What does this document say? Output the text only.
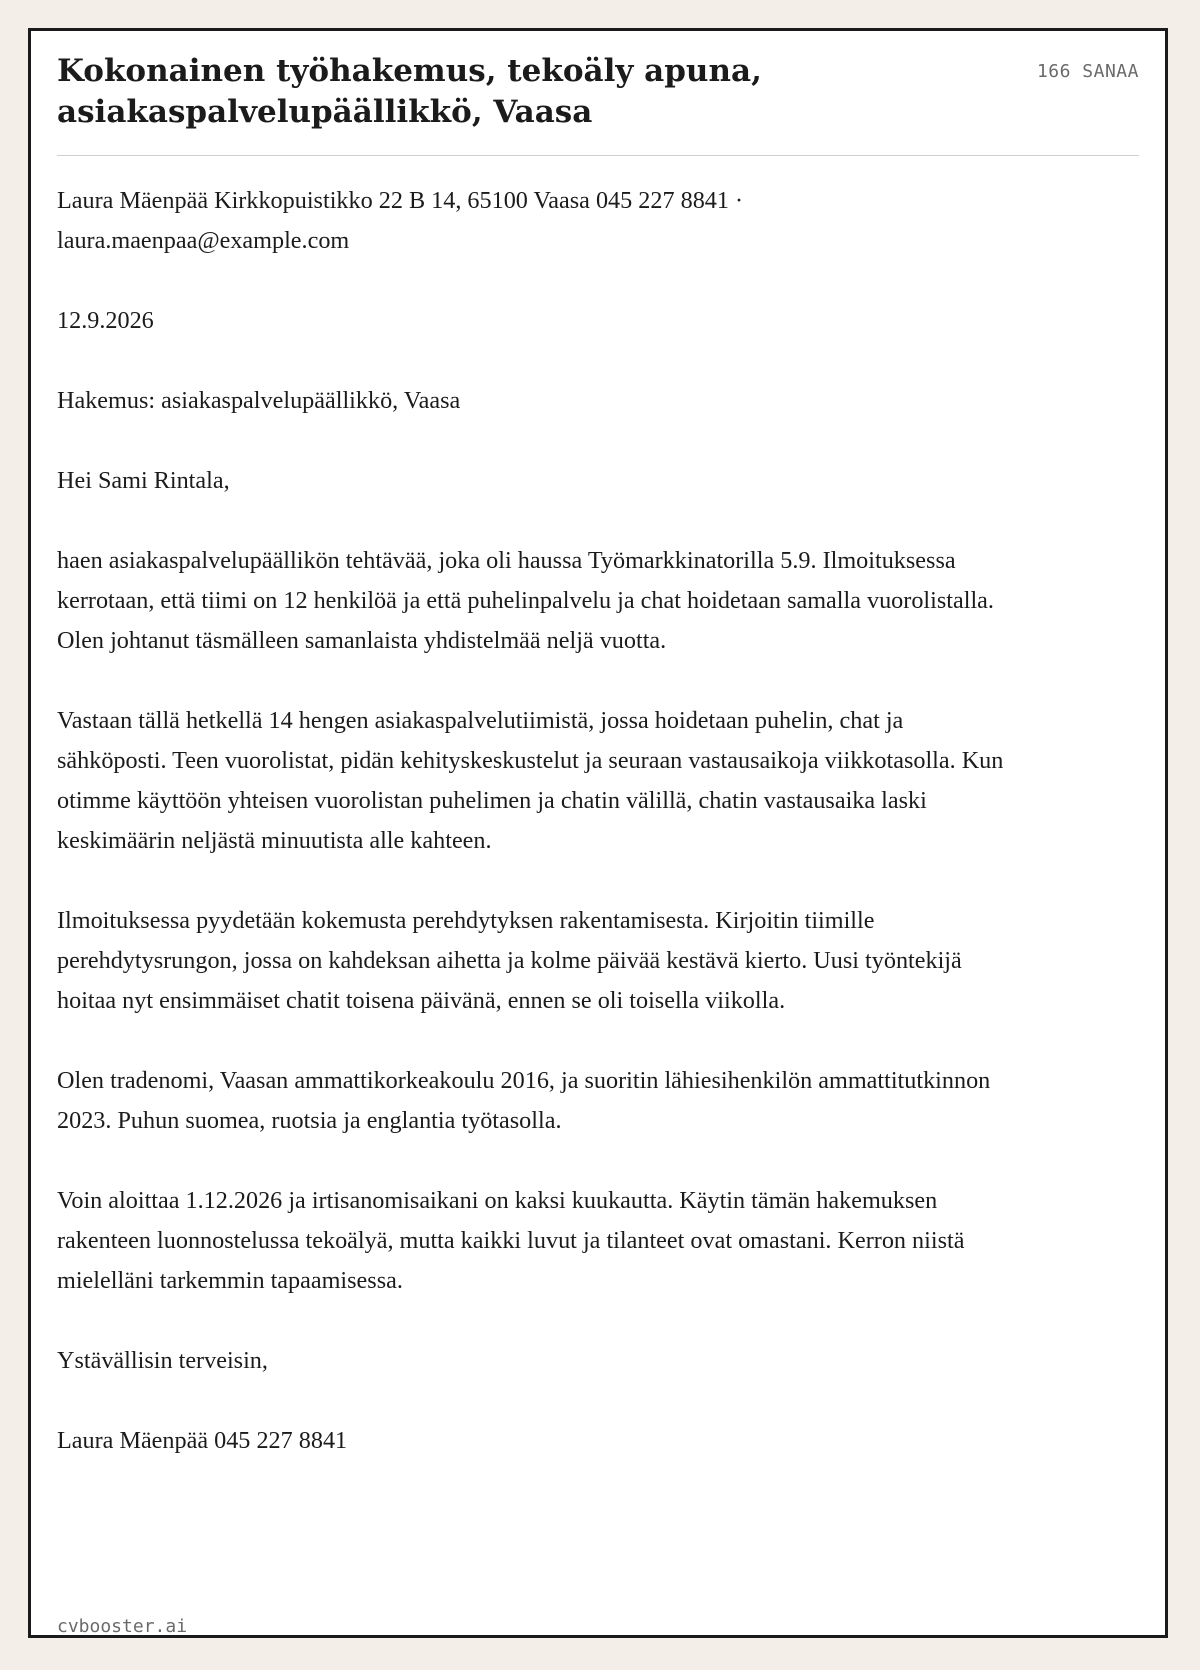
Kokonainen työhakemus, tekoäly apuna, asiakaspalvelupäällikkö, Vaasa
166 SANAA

Laura Mäenpää Kirkkopuistikko 22 B 14, 65100 Vaasa 045 227 8841 · laura.maenpaa@example.com

12.9.2026

Hakemus: asiakaspalvelupäällikkö, Vaasa

Hei Sami Rintala,

haen asiakaspalvelupäällikön tehtävää, joka oli haussa Työmarkkinatorilla 5.9. Ilmoituksessa kerrotaan, että tiimi on 12 henkilöä ja että puhelinpalvelu ja chat hoidetaan samalla vuorolistalla. Olen johtanut täsmälleen samanlaista yhdistelmää neljä vuotta.

Vastaan tällä hetkellä 14 hengen asiakaspalvelutiimistä, jossa hoidetaan puhelin, chat ja sähköposti. Teen vuorolistat, pidän kehityskeskustelut ja seuraan vastausaikoja viikkotasolla. Kun otimme käyttöön yhteisen vuorolistan puhelimen ja chatin välillä, chatin vastausaika laski keskimäärin neljästä minuutista alle kahteen.

Ilmoituksessa pyydetään kokemusta perehdytyksen rakentamisesta. Kirjoitin tiimille perehdytysrungon, jossa on kahdeksan aihetta ja kolme päivää kestävä kierto. Uusi työntekijä hoitaa nyt ensimmäiset chatit toisena päivänä, ennen se oli toisella viikolla.

Olen tradenomi, Vaasan ammattikorkeakoulu 2016, ja suoritin lähiesihenkilön ammattitutkinnon 2023. Puhun suomea, ruotsia ja englantia työtasolla.

Voin aloittaa 1.12.2026 ja irtisanomisaikani on kaksi kuukautta. Käytin tämän hakemuksen rakenteen luonnostelussa tekoälyä, mutta kaikki luvut ja tilanteet ovat omastani. Kerron niistä mielelläni tarkemmin tapaamisessa.

Ystävällisin terveisin,

Laura Mäenpää 045 227 8841

cvbooster.ai
